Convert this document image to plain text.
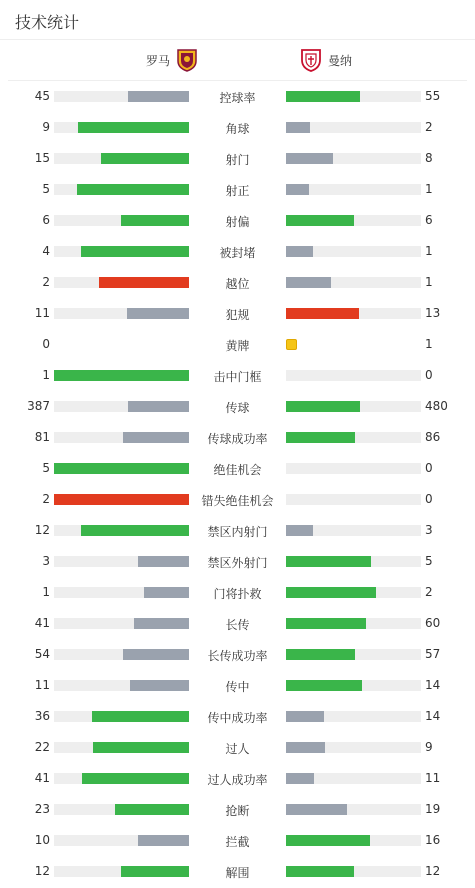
技术统计
罗马	曼纳
45	控球率	55
9	角球	2
15	射门	8
5	射正	1
6	射偏	6
4	被封堵	1
2	越位	1
11	犯规	13
0	黄牌	1
1	击中门框	0
387	传球	480
81	传球成功率	86
5	绝佳机会	0
2	错失绝佳机会	0
12	禁区内射门	3
3	禁区外射门	5
1	门将扑救	2
41	长传	60
54	长传成功率	57
11	传中	14
36	传中成功率	14
22	过人	9
41	过人成功率	11
23	抢断	19
10	拦截	16
12	解围	12
